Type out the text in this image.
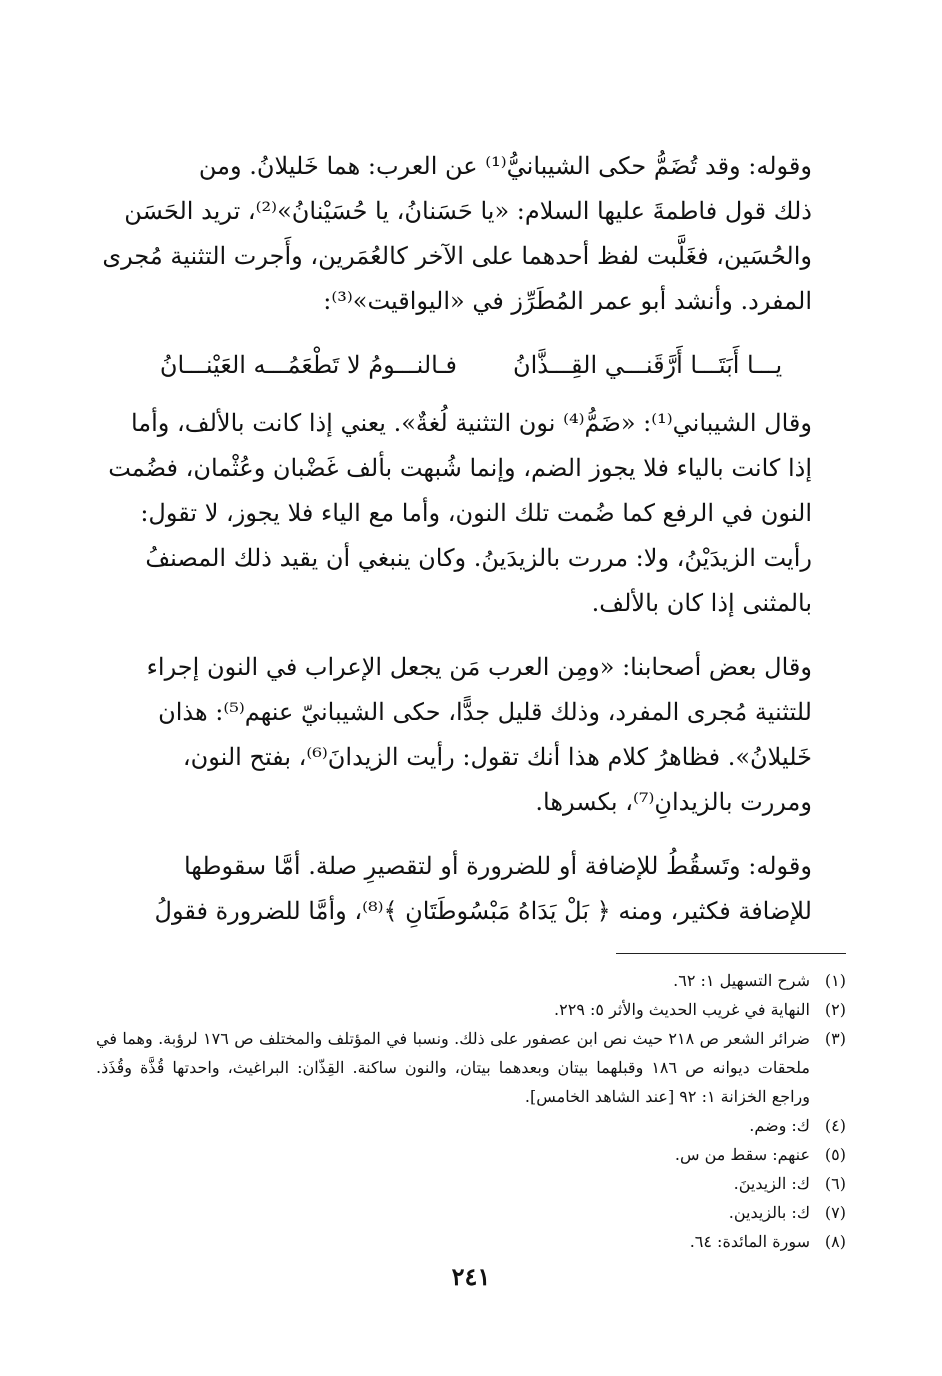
وقوله: وقد تُضَمُّ حكى الشيبانيُّ⁽¹⁾ عن العرب: هما خَليلانُ. ومن
ذلك قول فاطمةَ عليها السلام: «يا حَسَنانُ، يا حُسَيْنانُ»⁽²⁾، تريد الحَسَن
والحُسَين، فغَلَّبت لفظ أحدهما على الآخر كالعُمَرين، وأَجرت التثنية مُجرى
المفرد. وأنشد أبو عمر المُطَرِّز في «اليواقيت»⁽³⁾:
يـــا أَبَتَـــا أَرَّقَنـــي القِـــذَّانُ
فـالنـــومُ لا تَطْعَمُـــه العَيْنـــانُ
وقال الشيباني⁽¹⁾: «ضَمُّ⁽⁴⁾ نون التثنية لُغةٌ». يعني إذا كانت بالألف، وأما
إذا كانت بالياء فلا يجوز الضم، وإنما شُبهت بألف غَضْبان وعُثْمان، فضُمت
النون في الرفع كما ضُمت تلك النون، وأما مع الياء فلا يجوز، لا تقول:
رأيت الزيدَيْنُ، ولا: مررت بالزيدَينُ. وكان ينبغي أن يقيد ذلك المصنفُ
بالمثنى إذا كان بالألف.
وقال بعض أصحابنا: «ومِن العرب مَن يجعل الإعراب في النون إجراء
للتثنية مُجرى المفرد، وذلك قليل جدًّا، حكى الشيبانيّ عنهم⁽⁵⁾: هذان
خَليلانُ». فظاهرُ كلام هذا أنك تقول: رأيت الزيدانَ⁽⁶⁾، بفتح النون،
ومررت بالزيدانِ⁽⁷⁾، بكسرها.
وقوله: وتَسقُطُ للإضافة أو للضرورة أو لتقصيرِ صلة. أمَّا سقوطها
للإضافة فكثير، ومنه ﴿ بَلْ يَدَاهُ مَبْسُوطَتَانِ ﴾⁽⁸⁾، وأمَّا للضرورة فقولُ

(١)
شرح التسهيل ١: ٦٢.

(٢)
النهاية في غريب الحديث والأثر ٥: ٢٢٩.

(٣)
ضرائر الشعر ص ٢١٨ حيث نص ابن عصفور على ذلك. ونسبا في المؤتلف والمختلف ص ١٧٦ لرؤبة. وهما في ملحقات ديوانه ص ١٨٦ وقبلهما بيتان وبعدهما بيتان، والنون ساكنة. القِذّان: البراغيث، واحدتها قُذَّة وقُذَذ. وراجع الخزانة ١: ٩٢ [عند الشاهد الخامس].

(٤)
ك: وضم.

(٥)
عنهم: سقط من س.

(٦)
ك: الزيدينَ.

(٧)
ك: بالزيدين.

(٨)
سورة المائدة: ٦٤.

٢٤١
